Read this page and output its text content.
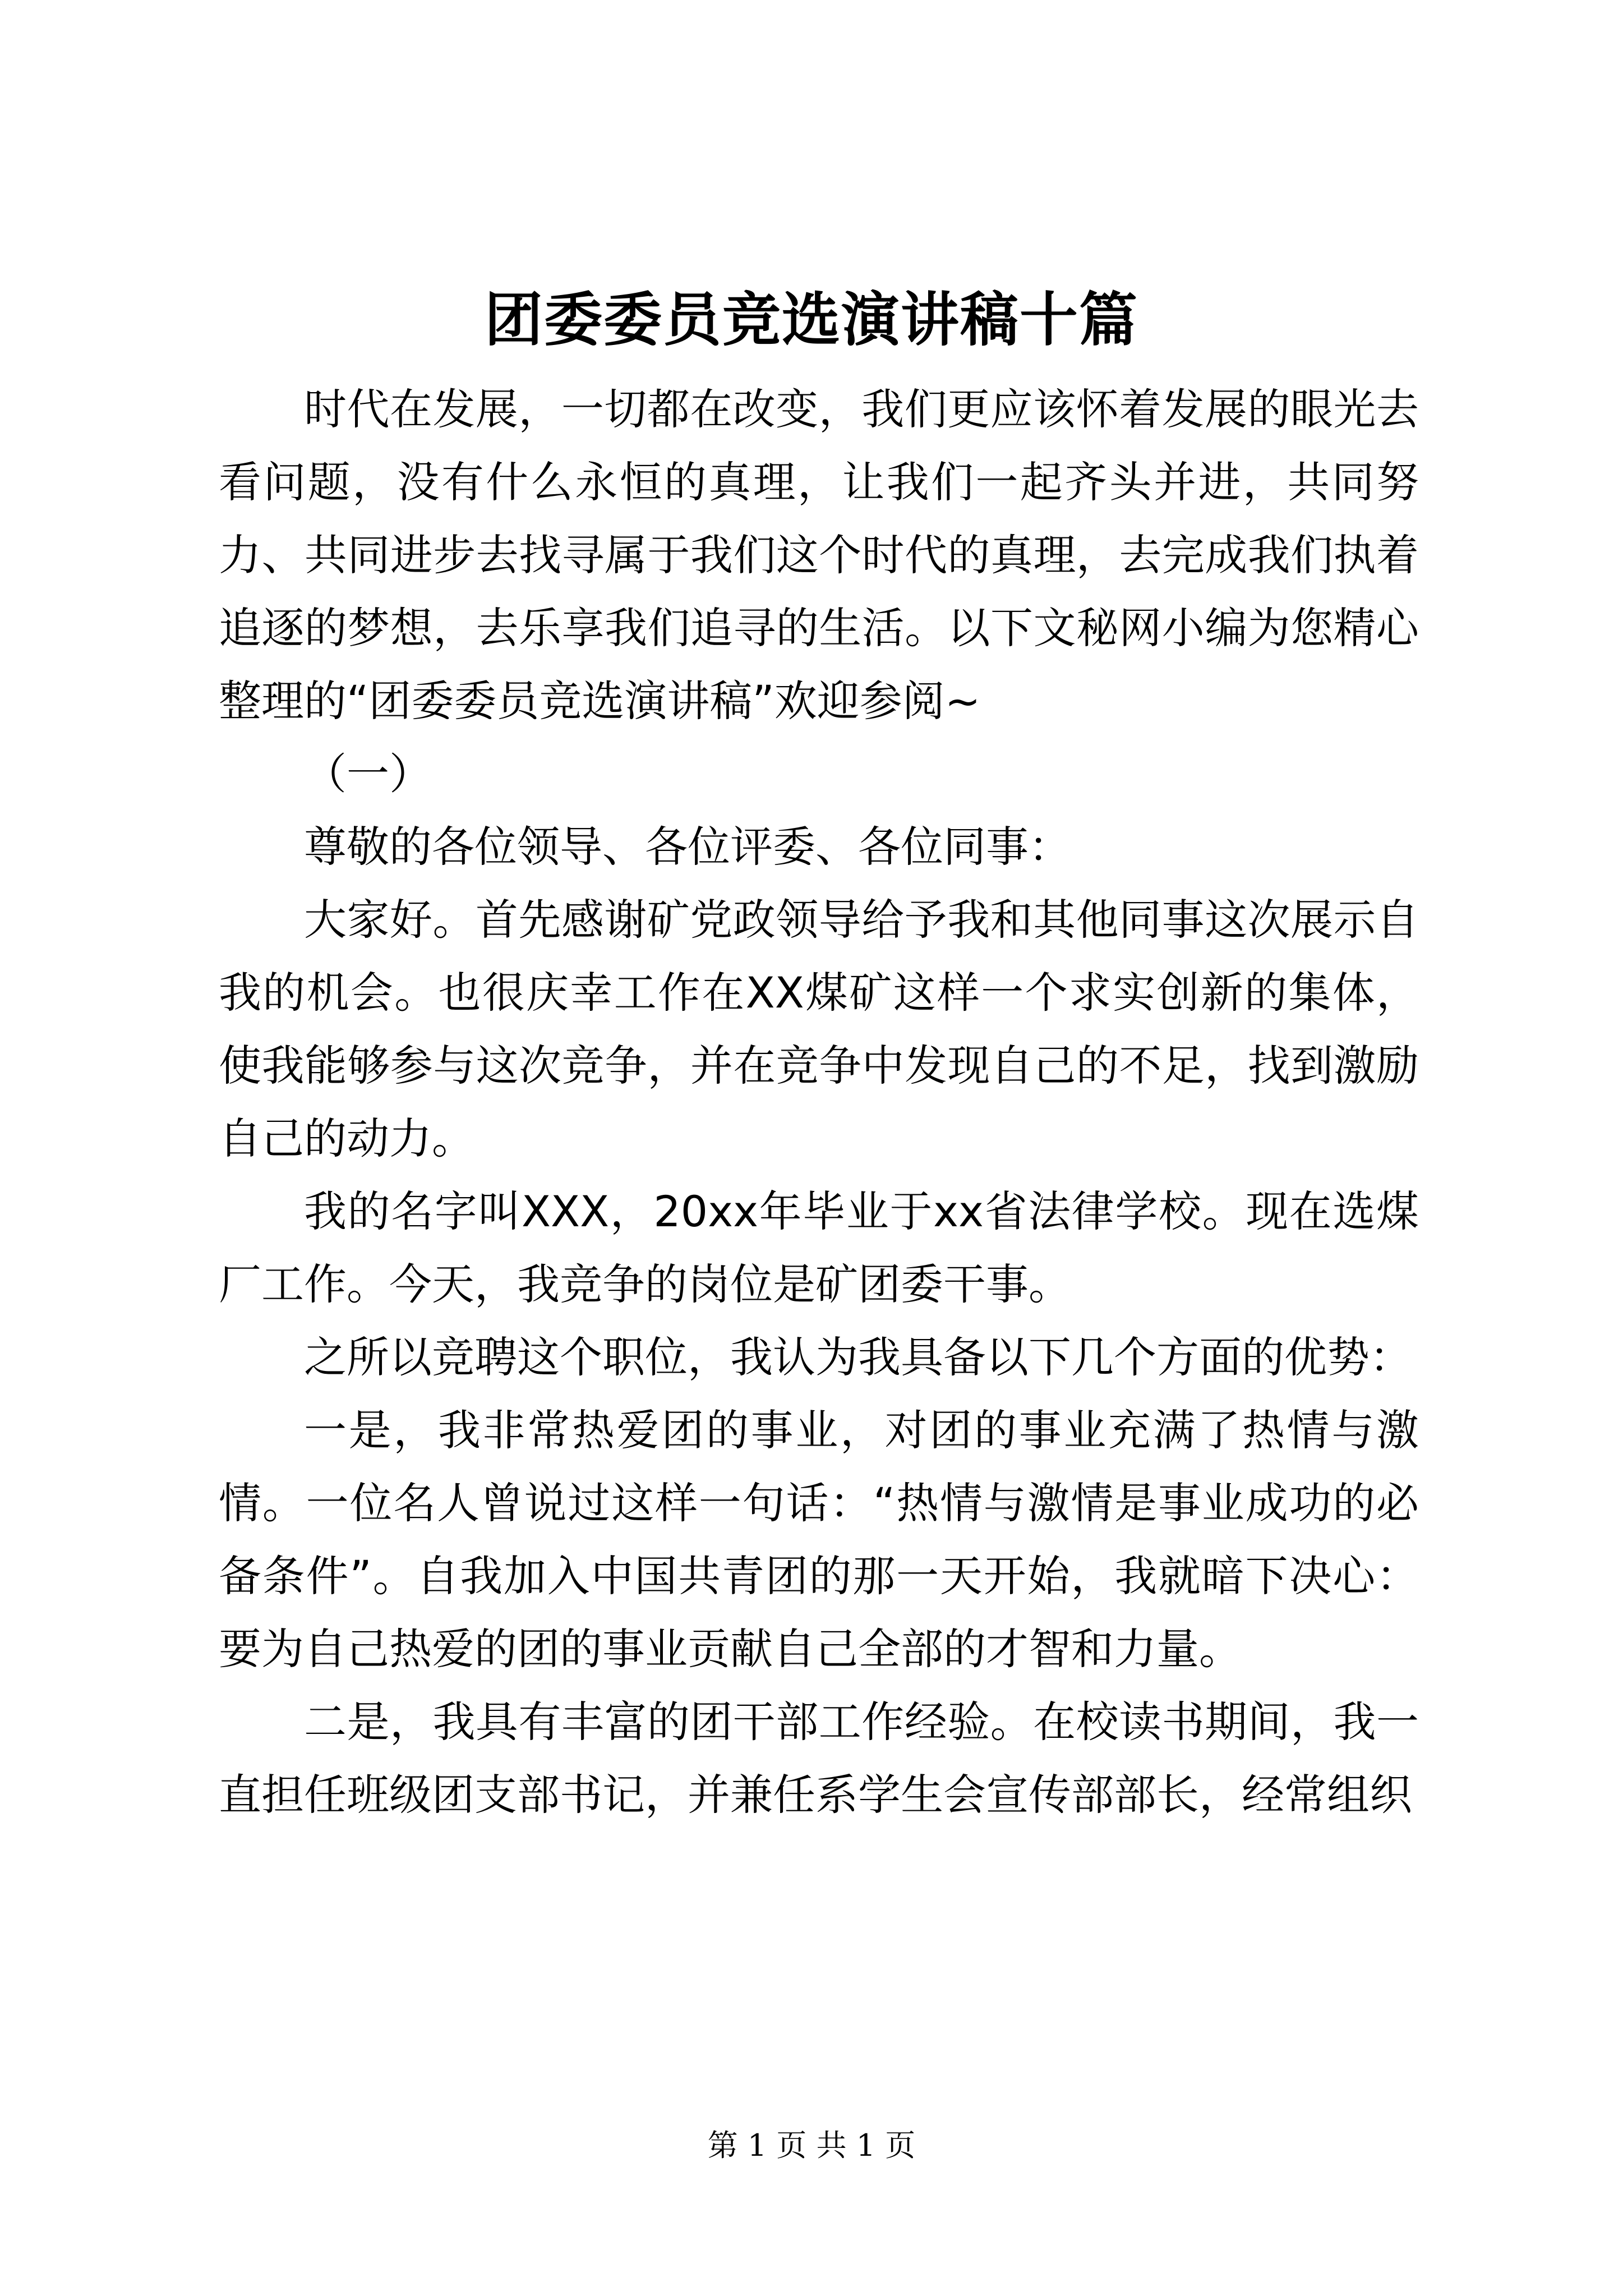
团委委员竞选演讲稿十篇

时代在发展，一切都在改变，我们更应该怀着发展的眼光去看问题，没有什么永恒的真理，让我们一起齐头并进，共同努力、共同进步去找寻属于我们这个时代的真理，去完成我们执着追逐的梦想，去乐享我们追寻的生活。以下文秘网小编为您精心整理的“团委委员竞选演讲稿”欢迎参阅~

（一）

尊敬的各位领导、各位评委、各位同事：

大家好。首先感谢矿党政领导给予我和其他同事这次展示自我的机会。也很庆幸工作在XX煤矿这样一个求实创新的集体，使我能够参与这次竞争，并在竞争中发现自己的不足，找到激励自己的动力。

我的名字叫XXX，20xx年毕业于xx省法律学校。现在选煤厂工作。今天，我竞争的岗位是矿团委干事。

之所以竞聘这个职位，我认为我具备以下几个方面的优势：

一是，我非常热爱团的事业，对团的事业充满了热情与激情。一位名人曾说过这样一句话：“热情与激情是事业成功的必备条件”。自我加入中国共青团的那一天开始，我就暗下决心：要为自己热爱的团的事业贡献自己全部的才智和力量。

二是，我具有丰富的团干部工作经验。在校读书期间，我一直担任班级团支部书记，并兼任系学生会宣传部部长，经常组织

第 1 页 共 1 页
